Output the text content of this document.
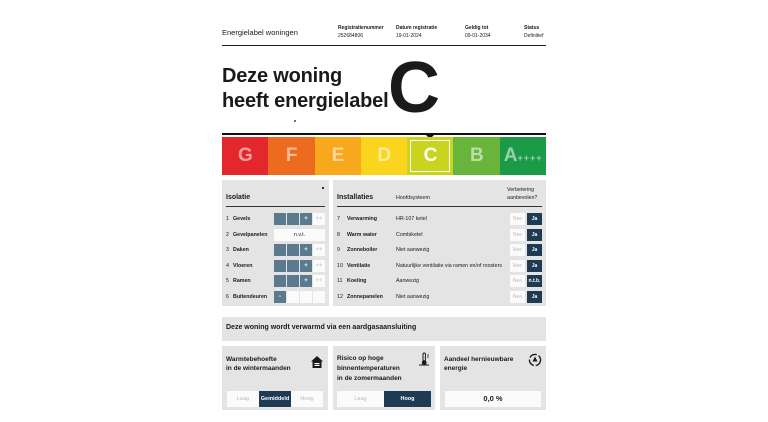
Energielabel woningen	Registratienummer
252684806
Datum registratie
19-01-2024
Geldig tot
09-01-2034
Status
Definitief
Deze woning
heeft energielabel C
G	F	E	D	C	B	A++++
Isolatie
1 Gevels	+	++
2 Gevelpanelen	n.v.t.
3 Daken	+	++
4 Vloeren	+	++
5 Ramen	+	++
6 Buitendeuren	-
Installaties	Hoofdsysteem
Verbetering aanbevolen?
7 Verwarming	HR-107 ketel	Nee	Ja
8 Warm water	Combiketel	Nee	Ja
9 Zonneboiler	Niet aanwezig	Nee	Ja
10 Ventilatie	Natuurlijke ventilatie via ramen en/of roosters	Nee	Ja
11 Koeling	Aanwezig	Nee	n.t.b.
12 Zonnepanelen Niet aanwezig	Nee	Ja
Deze woning wordt verwarmd via een aardgasaansluiting
Warmtebehoefte
in de wintermaanden
Laag	Gemiddeld	Hoog
Risico op hoge
binnentemperaturen
in de zomermaanden
Laag	Hoog
Aandeel hernieuwbare
energie
0,0 %
